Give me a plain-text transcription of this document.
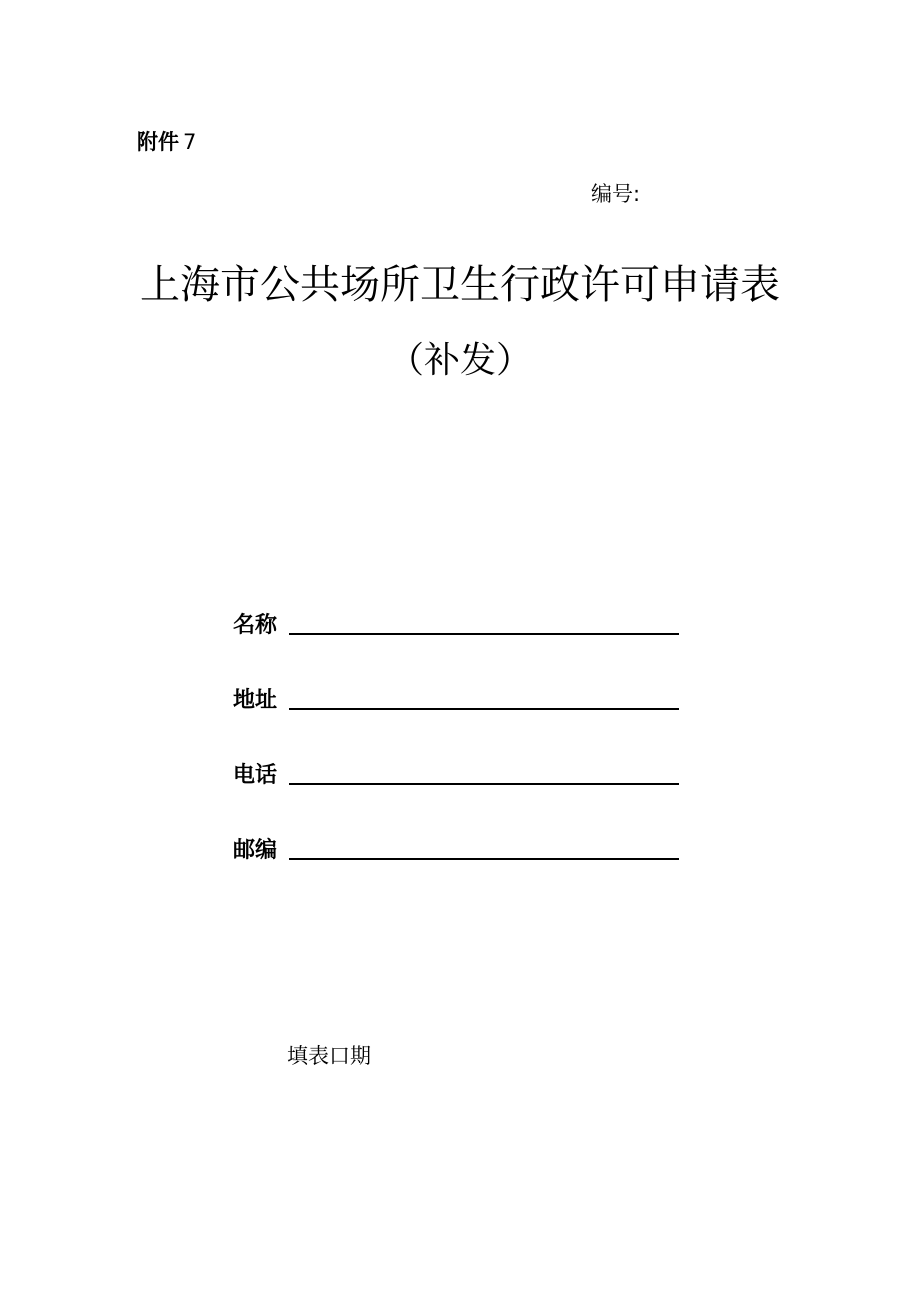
附件 7
编号:
上海市公共场所卫生行政许可申请表
（补发）
名称
地址
电话
邮编
填表口期
